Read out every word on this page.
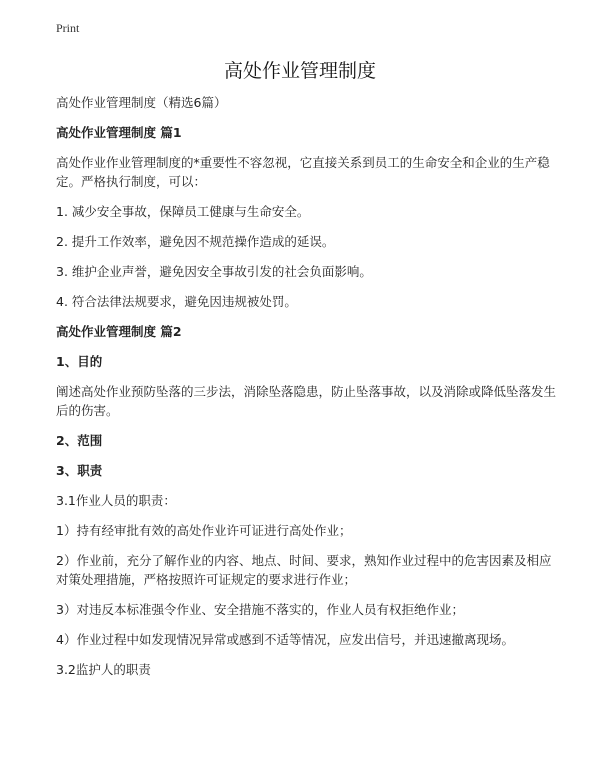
Print
高处作业管理制度

高处作业管理制度（精选6篇）

高处作业管理制度 篇1

高处作业作业管理制度的*重要性不容忽视，它直接关系到员工的生命安全和企业的生产稳定。严格执行制度，可以：

1. 减少安全事故，保障员工健康与生命安全。

2. 提升工作效率，避免因不规范操作造成的延误。

3. 维护企业声誉，避免因安全事故引发的社会负面影响。

4. 符合法律法规要求，避免因违规被处罚。

高处作业管理制度 篇2

1、目的

阐述高处作业预防坠落的三步法，消除坠落隐患，防止坠落事故，以及消除或降低坠落发生后的伤害。

2、范围

3、职责

3.1作业人员的职责：

1）持有经审批有效的高处作业许可证进行高处作业；

2）作业前，充分了解作业的内容、地点、时间、要求，熟知作业过程中的危害因素及相应对策处理措施，严格按照许可证规定的要求进行作业；

3）对违反本标准强令作业、安全措施不落实的，作业人员有权拒绝作业；

4）作业过程中如发现情况异常或感到不适等情况，应发出信号，并迅速撤离现场。

3.2监护人的职责
